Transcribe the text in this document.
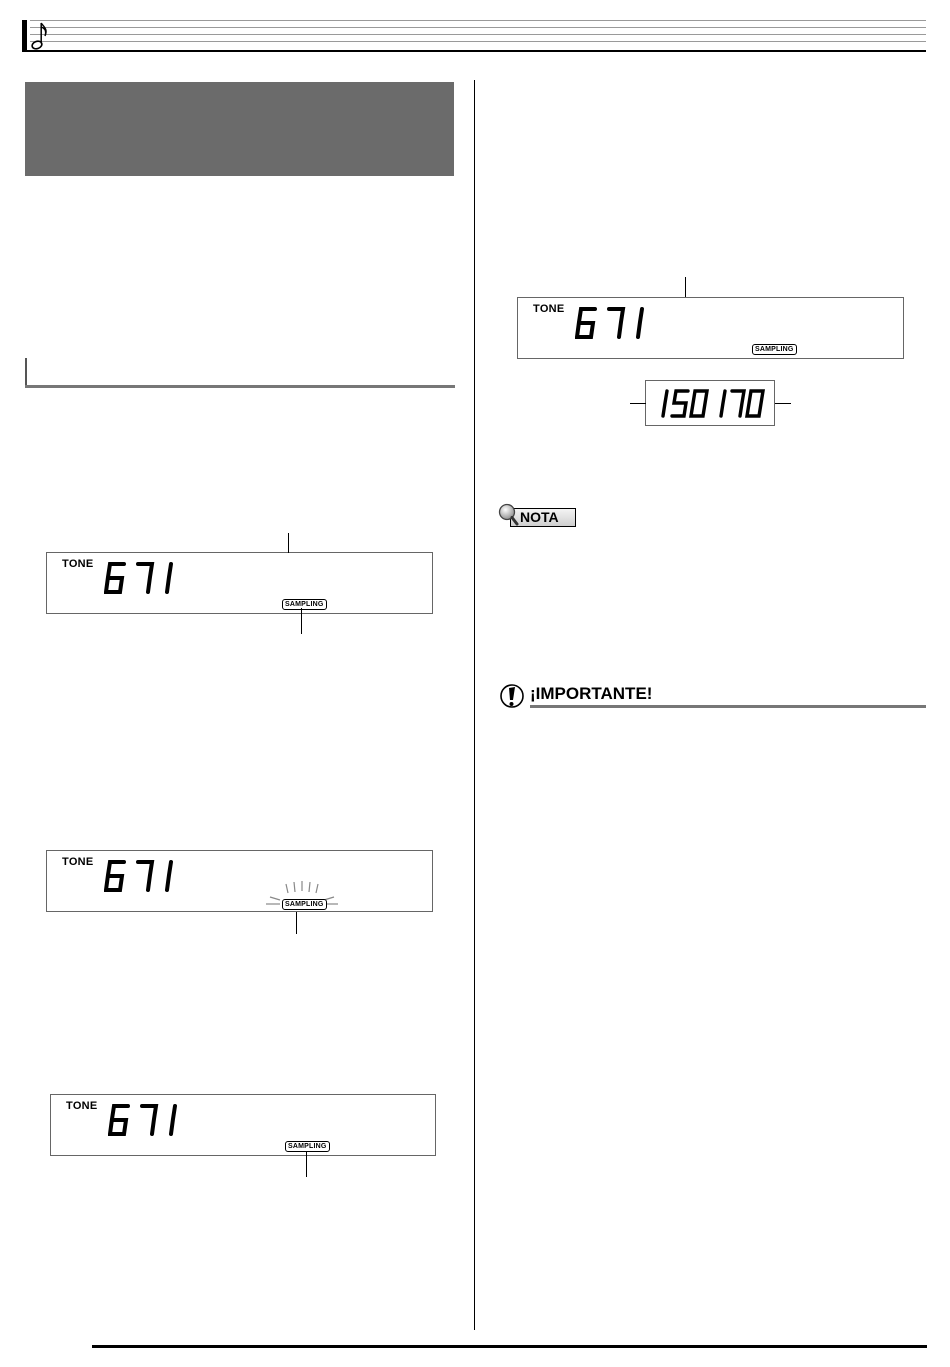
TONE
SAMPLING
TONE
SAMPLING
TONE
SAMPLING
TONE
SAMPLING
NOTA
¡IMPORTANTE!
